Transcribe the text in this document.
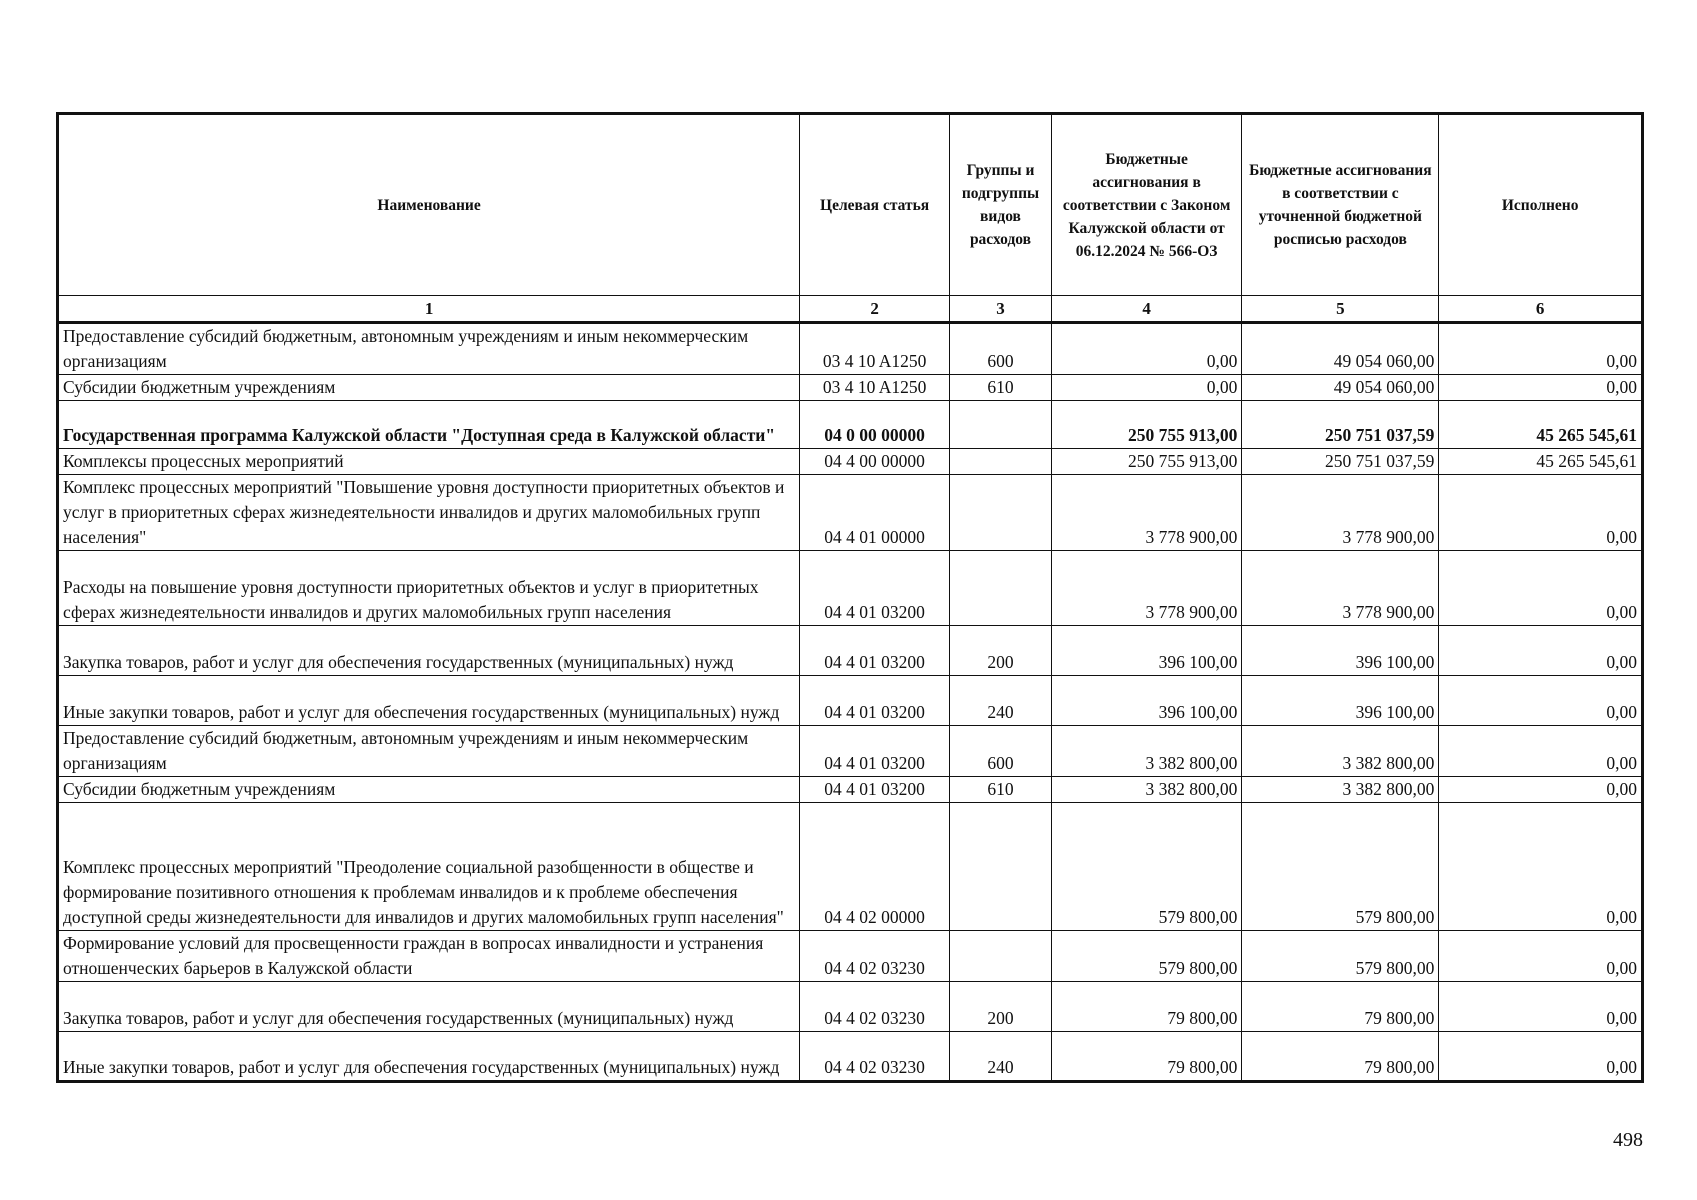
Наименование	Целевая статья	Группы и подгруппы видов расходов	Бюджетные ассигнования в соответствии с Законом Калужской области от 06.12.2024 № 566-ОЗ	Бюджетные ассигнования в соответствии с уточненной бюджетной росписью расходов	Исполнено
1	2	3	4	5	6
Предоставление субсидий бюджетным, автономным учреждениям и иным некоммерческим организациям	03 4 10 A1250	600	0,00	49 054 060,00	0,00
Субсидии бюджетным учреждениям	03 4 10 A1250	610	0,00	49 054 060,00	0,00
Государственная программа Калужской области "Доступная среда в Калужской области"	04 0 00 00000		250 755 913,00	250 751 037,59	45 265 545,61
Комплексы процессных мероприятий	04 4 00 00000		250 755 913,00	250 751 037,59	45 265 545,61
Комплекс процессных мероприятий "Повышение уровня доступности приоритетных объектов и услуг в приоритетных сферах жизнедеятельности инвалидов и других маломобильных групп населения"	04 4 01 00000		3 778 900,00	3 778 900,00	0,00
Расходы на повышение уровня доступности приоритетных объектов и услуг в приоритетных сферах жизнедеятельности инвалидов и других маломобильных групп населения	04 4 01 03200		3 778 900,00	3 778 900,00	0,00
Закупка товаров, работ и услуг для обеспечения государственных (муниципальных) нужд	04 4 01 03200	200	396 100,00	396 100,00	0,00
Иные закупки товаров, работ и услуг для обеспечения государственных (муниципальных) нужд	04 4 01 03200	240	396 100,00	396 100,00	0,00
Предоставление субсидий бюджетным, автономным учреждениям и иным некоммерческим организациям	04 4 01 03200	600	3 382 800,00	3 382 800,00	0,00
Субсидии бюджетным учреждениям	04 4 01 03200	610	3 382 800,00	3 382 800,00	0,00
Комплекс процессных мероприятий "Преодоление социальной разобщенности в обществе и формирование позитивного отношения к проблемам инвалидов и к проблеме обеспечения доступной среды жизнедеятельности для инвалидов и других маломобильных групп населения"	04 4 02 00000		579 800,00	579 800,00	0,00
Формирование условий для просвещенности граждан в вопросах инвалидности и устранения отношенческих барьеров в Калужской области	04 4 02 03230		579 800,00	579 800,00	0,00
Закупка товаров, работ и услуг для обеспечения государственных (муниципальных) нужд	04 4 02 03230	200	79 800,00	79 800,00	0,00
Иные закупки товаров, работ и услуг для обеспечения государственных (муниципальных) нужд	04 4 02 03230	240	79 800,00	79 800,00	0,00
498
